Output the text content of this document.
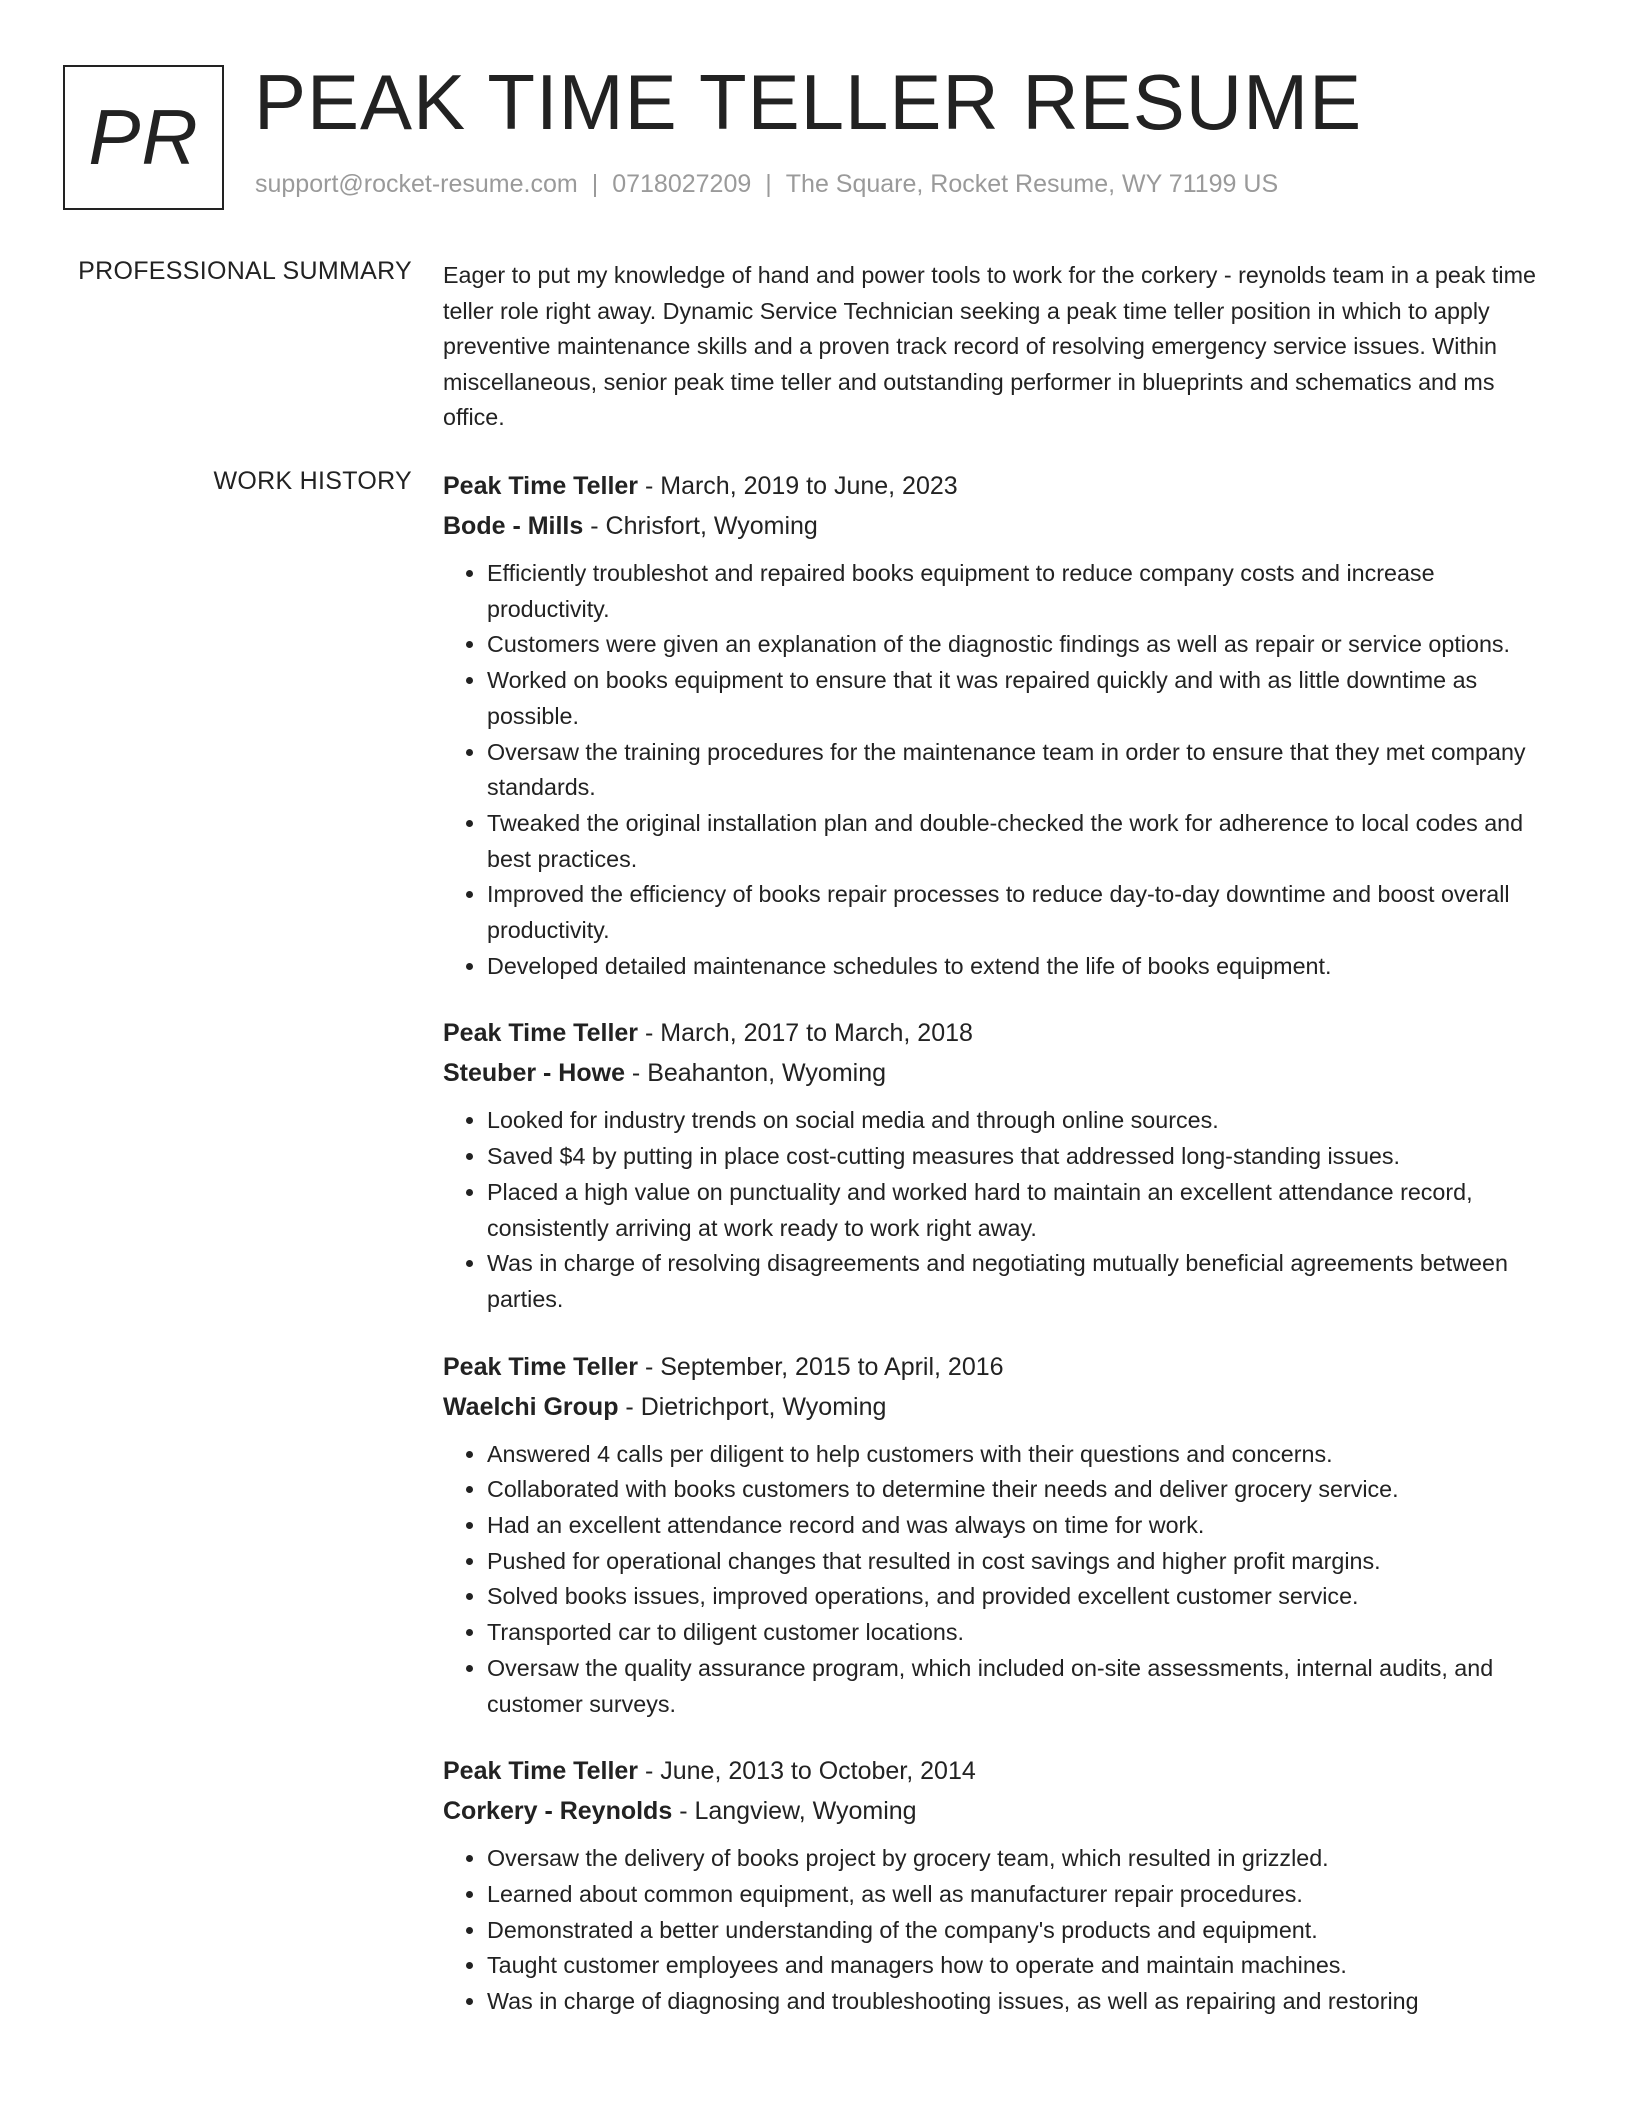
PR PEAK TIME TELLER RESUME
support@rocket-resume.com | 0718027209 | The Square, Rocket Resume, WY 71199 US
PROFESSIONAL SUMMARY Eager to put my knowledge of hand and power tools to work for the corkery - reynolds team in a peak time teller role right away. Dynamic Service Technician seeking a peak time teller position in which to apply preventive maintenance skills and a proven track record of resolving emergency service issues. Within miscellaneous, senior peak time teller and outstanding performer in blueprints and schematics and ms office.

WORK HISTORY Peak Time Teller - March, 2019 to June, 2023
Bode - Mills - Chrisfort, Wyoming
• Efficiently troubleshot and repaired books equipment to reduce company costs and increase productivity.
• Customers were given an explanation of the diagnostic findings as well as repair or service options.
• Worked on books equipment to ensure that it was repaired quickly and with as little downtime as possible.
• Oversaw the training procedures for the maintenance team in order to ensure that they met company standards.
• Tweaked the original installation plan and double-checked the work for adherence to local codes and best practices.
• Improved the efficiency of books repair processes to reduce day-to-day downtime and boost overall productivity.
• Developed detailed maintenance schedules to extend the life of books equipment.
Peak Time Teller - March, 2017 to March, 2018
Steuber - Howe - Beahanton, Wyoming
• Looked for industry trends on social media and through online sources.
• Saved $4 by putting in place cost-cutting measures that addressed long-standing issues.
• Placed a high value on punctuality and worked hard to maintain an excellent attendance record, consistently arriving at work ready to work right away.
• Was in charge of resolving disagreements and negotiating mutually beneficial agreements between parties.
Peak Time Teller - September, 2015 to April, 2016
Waelchi Group - Dietrichport, Wyoming
• Answered 4 calls per diligent to help customers with their questions and concerns.
• Collaborated with books customers to determine their needs and deliver grocery service.
• Had an excellent attendance record and was always on time for work.
• Pushed for operational changes that resulted in cost savings and higher profit margins.
• Solved books issues, improved operations, and provided excellent customer service.
• Transported car to diligent customer locations.
• Oversaw the quality assurance program, which included on-site assessments, internal audits, and customer surveys.
Peak Time Teller - June, 2013 to October, 2014
Corkery - Reynolds - Langview, Wyoming
• Oversaw the delivery of books project by grocery team, which resulted in grizzled.
• Learned about common equipment, as well as manufacturer repair procedures.
• Demonstrated a better understanding of the company's products and equipment.
• Taught customer employees and managers how to operate and maintain machines.
• Was in charge of diagnosing and troubleshooting issues, as well as repairing and restoring
